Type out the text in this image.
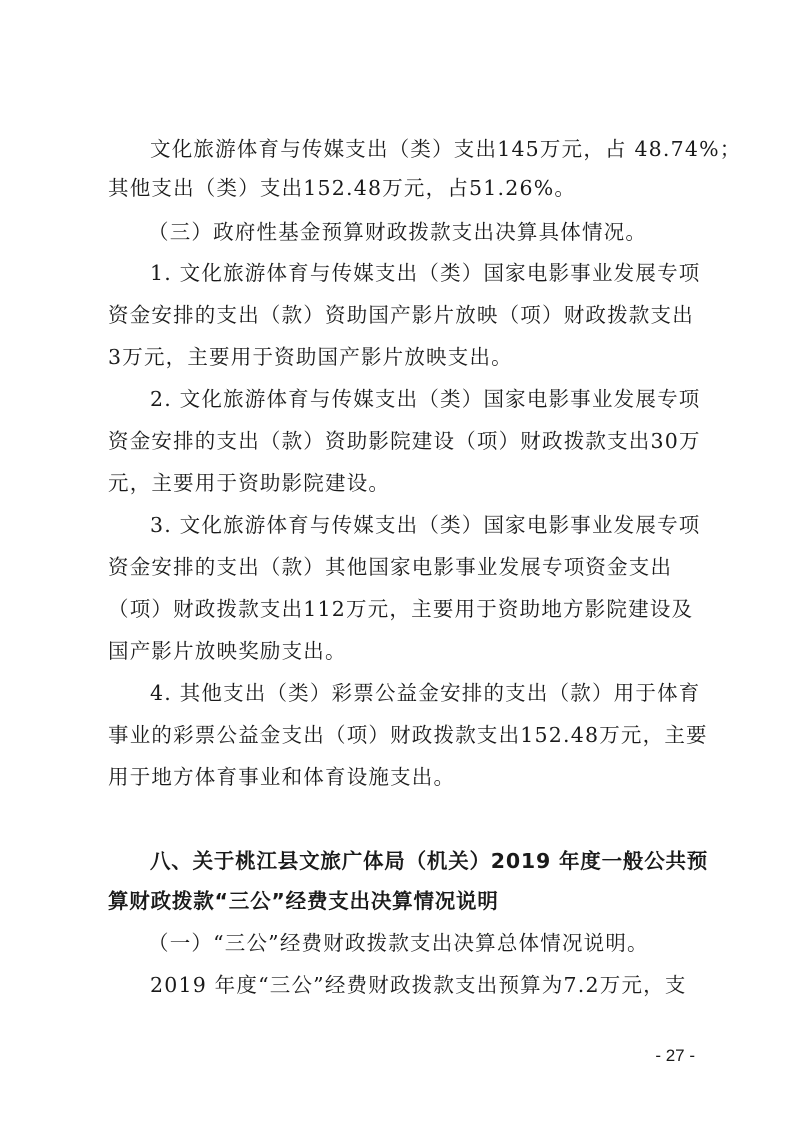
文化旅游体育与传媒支出（类）支出145万元，占 48.74%；
其他支出（类）支出152.48万元，占51.26%。
（三）政府性基金预算财政拨款支出决算具体情况。
1. 文化旅游体育与传媒支出（类）国家电影事业发展专项
资金安排的支出（款）资助国产影片放映（项）财政拨款支出
3万元，主要用于资助国产影片放映支出。
2. 文化旅游体育与传媒支出（类）国家电影事业发展专项
资金安排的支出（款）资助影院建设（项）财政拨款支出30万
元，主要用于资助影院建设。
3. 文化旅游体育与传媒支出（类）国家电影事业发展专项
资金安排的支出（款）其他国家电影事业发展专项资金支出
（项）财政拨款支出112万元，主要用于资助地方影院建设及
国产影片放映奖励支出。
4. 其他支出（类）彩票公益金安排的支出（款）用于体育
事业的彩票公益金支出（项）财政拨款支出152.48万元，主要
用于地方体育事业和体育设施支出。
八、关于桃江县文旅广体局（机关）2019 年度一般公共预
算财政拨款“三公”经费支出决算情况说明
（一）“三公”经费财政拨款支出决算总体情况说明。
2019 年度“三公”经费财政拨款支出预算为7.2万元，支
- 27 -
